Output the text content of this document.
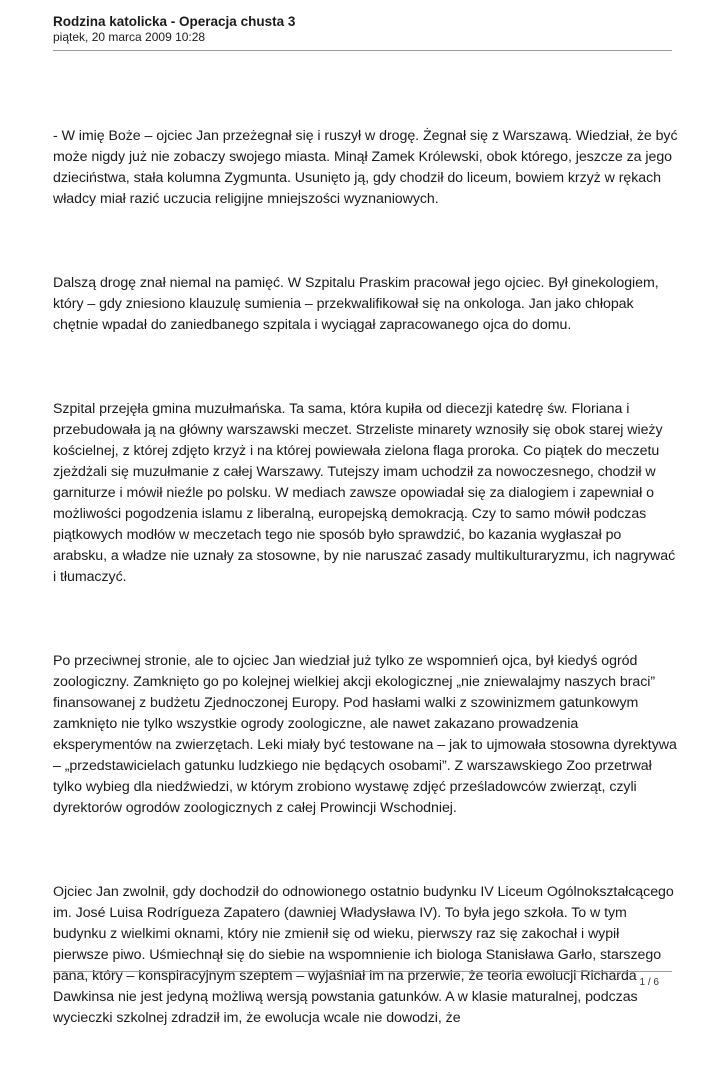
Rodzina katolicka - Operacja chusta 3
piątek, 20 marca 2009 10:28

- W imię Boże – ojciec Jan przeżegnał się i ruszył w drogę. Żegnał się z Warszawą. Wiedział, że być może nigdy już nie zobaczy swojego miasta. Minął Zamek Królewski, obok którego, jeszcze za jego dzieciństwa, stała kolumna Zygmunta. Usunięto ją, gdy chodził do liceum, bowiem krzyż w rękach władcy miał razić uczucia religijne mniejszości wyznaniowych.

Dalszą drogę znał niemal na pamięć. W Szpitalu Praskim pracował jego ojciec. Był ginekologiem, który – gdy zniesiono klauzulę sumienia – przekwalifikował się na onkologa. Jan jako chłopak chętnie wpadał do zaniedbanego szpitala i wyciągał zapracowanego ojca do domu.

Szpital przejęła gmina muzułmańska. Ta sama, która kupiła od diecezji katedrę św. Floriana i przebudowała ją na główny warszawski meczet. Strzeliste minarety wznosiły się obok starej wieży kościelnej, z której zdjęto krzyż i na której powiewała zielona flaga proroka. Co piątek do meczetu zjeżdżali się muzułmanie z całej Warszawy. Tutejszy imam uchodził za nowoczesnego, chodził w garniturze i mówił nieźle po polsku. W mediach zawsze opowiadał się za dialogiem i zapewniał o możliwości pogodzenia islamu z liberalną, europejską demokracją. Czy to samo mówił podczas piątkowych modłów w meczetach tego nie sposób było sprawdzić, bo kazania wygłaszał po arabsku, a władze nie uznały za stosowne, by nie naruszać zasady multikulturaryzmu, ich nagrywać i tłumaczyć.

Po przeciwnej stronie, ale to ojciec Jan wiedział już tylko ze wspomnień ojca, był kiedyś ogród zoologiczny. Zamknięto go po kolejnej wielkiej akcji ekologicznej „nie zniewalajmy naszych braci” finansowanej z budżetu Zjednoczonej Europy. Pod hasłami walki z szowinizmem gatunkowym zamknięto nie tylko wszystkie ogrody zoologiczne, ale nawet zakazano prowadzenia eksperymentów na zwierzętach. Leki miały być testowane na – jak to ujmowała stosowna dyrektywa – „przedstawicielach gatunku ludzkiego nie będących osobami”. Z warszawskiego Zoo przetrwał tylko wybieg dla niedźwiedzi, w którym zrobiono wystawę zdjęć prześladowców zwierząt, czyli dyrektorów ogrodów zoologicznych z całej Prowincji Wschodniej.

Ojciec Jan zwolnił, gdy dochodził do odnowionego ostatnio budynku IV Liceum Ogólnokształcącego im. José Luisa Rodrígueza Zapatero (dawniej Władysława IV). To była jego szkoła. To w tym budynku z wielkimi oknami, który nie zmienił się od wieku, pierwszy raz się zakochał i wypił pierwsze piwo. Uśmiechnął się do siebie na wspomnienie ich biologa Stanisława Garło, starszego pana, który – konspiracyjnym szeptem – wyjaśniał im na przerwie, że teoria ewolucji Richarda Dawkinsa nie jest jedyną możliwą wersją powstania gatunków. A w klasie maturalnej, podczas wycieczki szkolnej zdradził im, że ewolucja wcale nie dowodzi, że

1 / 6
